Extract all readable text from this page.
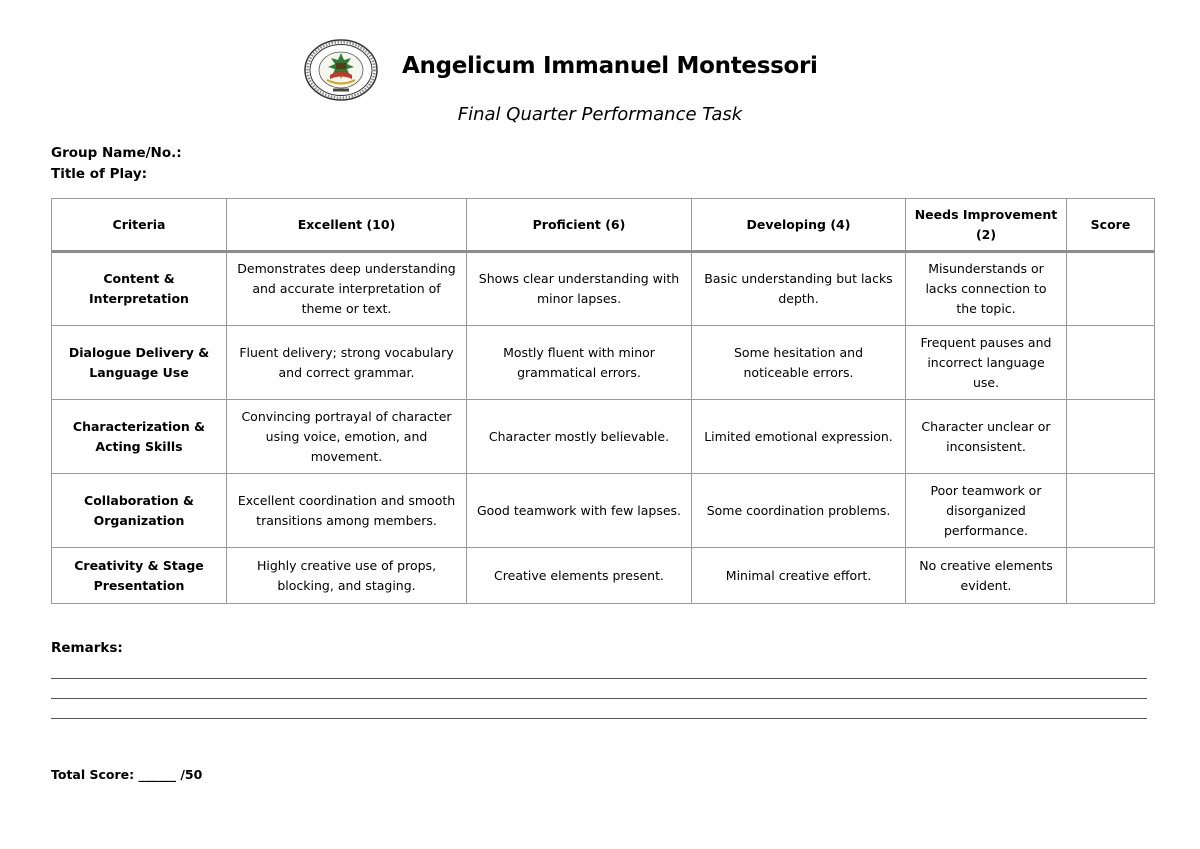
Angelicum Immanuel Montessori
Final Quarter Performance Task
Group Name/No.:
Title of Play:
Criteria	Excellent (10)	Proficient (6)	Developing (4)	Needs Improvement (2)	Score
Content & Interpretation	Demonstrates deep understanding and accurate interpretation of theme or text.	Shows clear understanding with minor lapses.	Basic understanding but lacks depth.	Misunderstands or lacks connection to the topic.	
Dialogue Delivery & Language Use	Fluent delivery; strong vocabulary and correct grammar.	Mostly fluent with minor grammatical errors.	Some hesitation and noticeable errors.	Frequent pauses and incorrect language use.	
Characterization & Acting Skills	Convincing portrayal of character using voice, emotion, and movement.	Character mostly believable.	Limited emotional expression.	Character unclear or inconsistent.	
Collaboration & Organization	Excellent coordination and smooth transitions among members.	Good teamwork with few lapses.	Some coordination problems.	Poor teamwork or disorganized performance.	
Creativity & Stage Presentation	Highly creative use of props, blocking, and staging.	Creative elements present.	Minimal creative effort.	No creative elements evident.	
Remarks:
Total Score: ______ /50
